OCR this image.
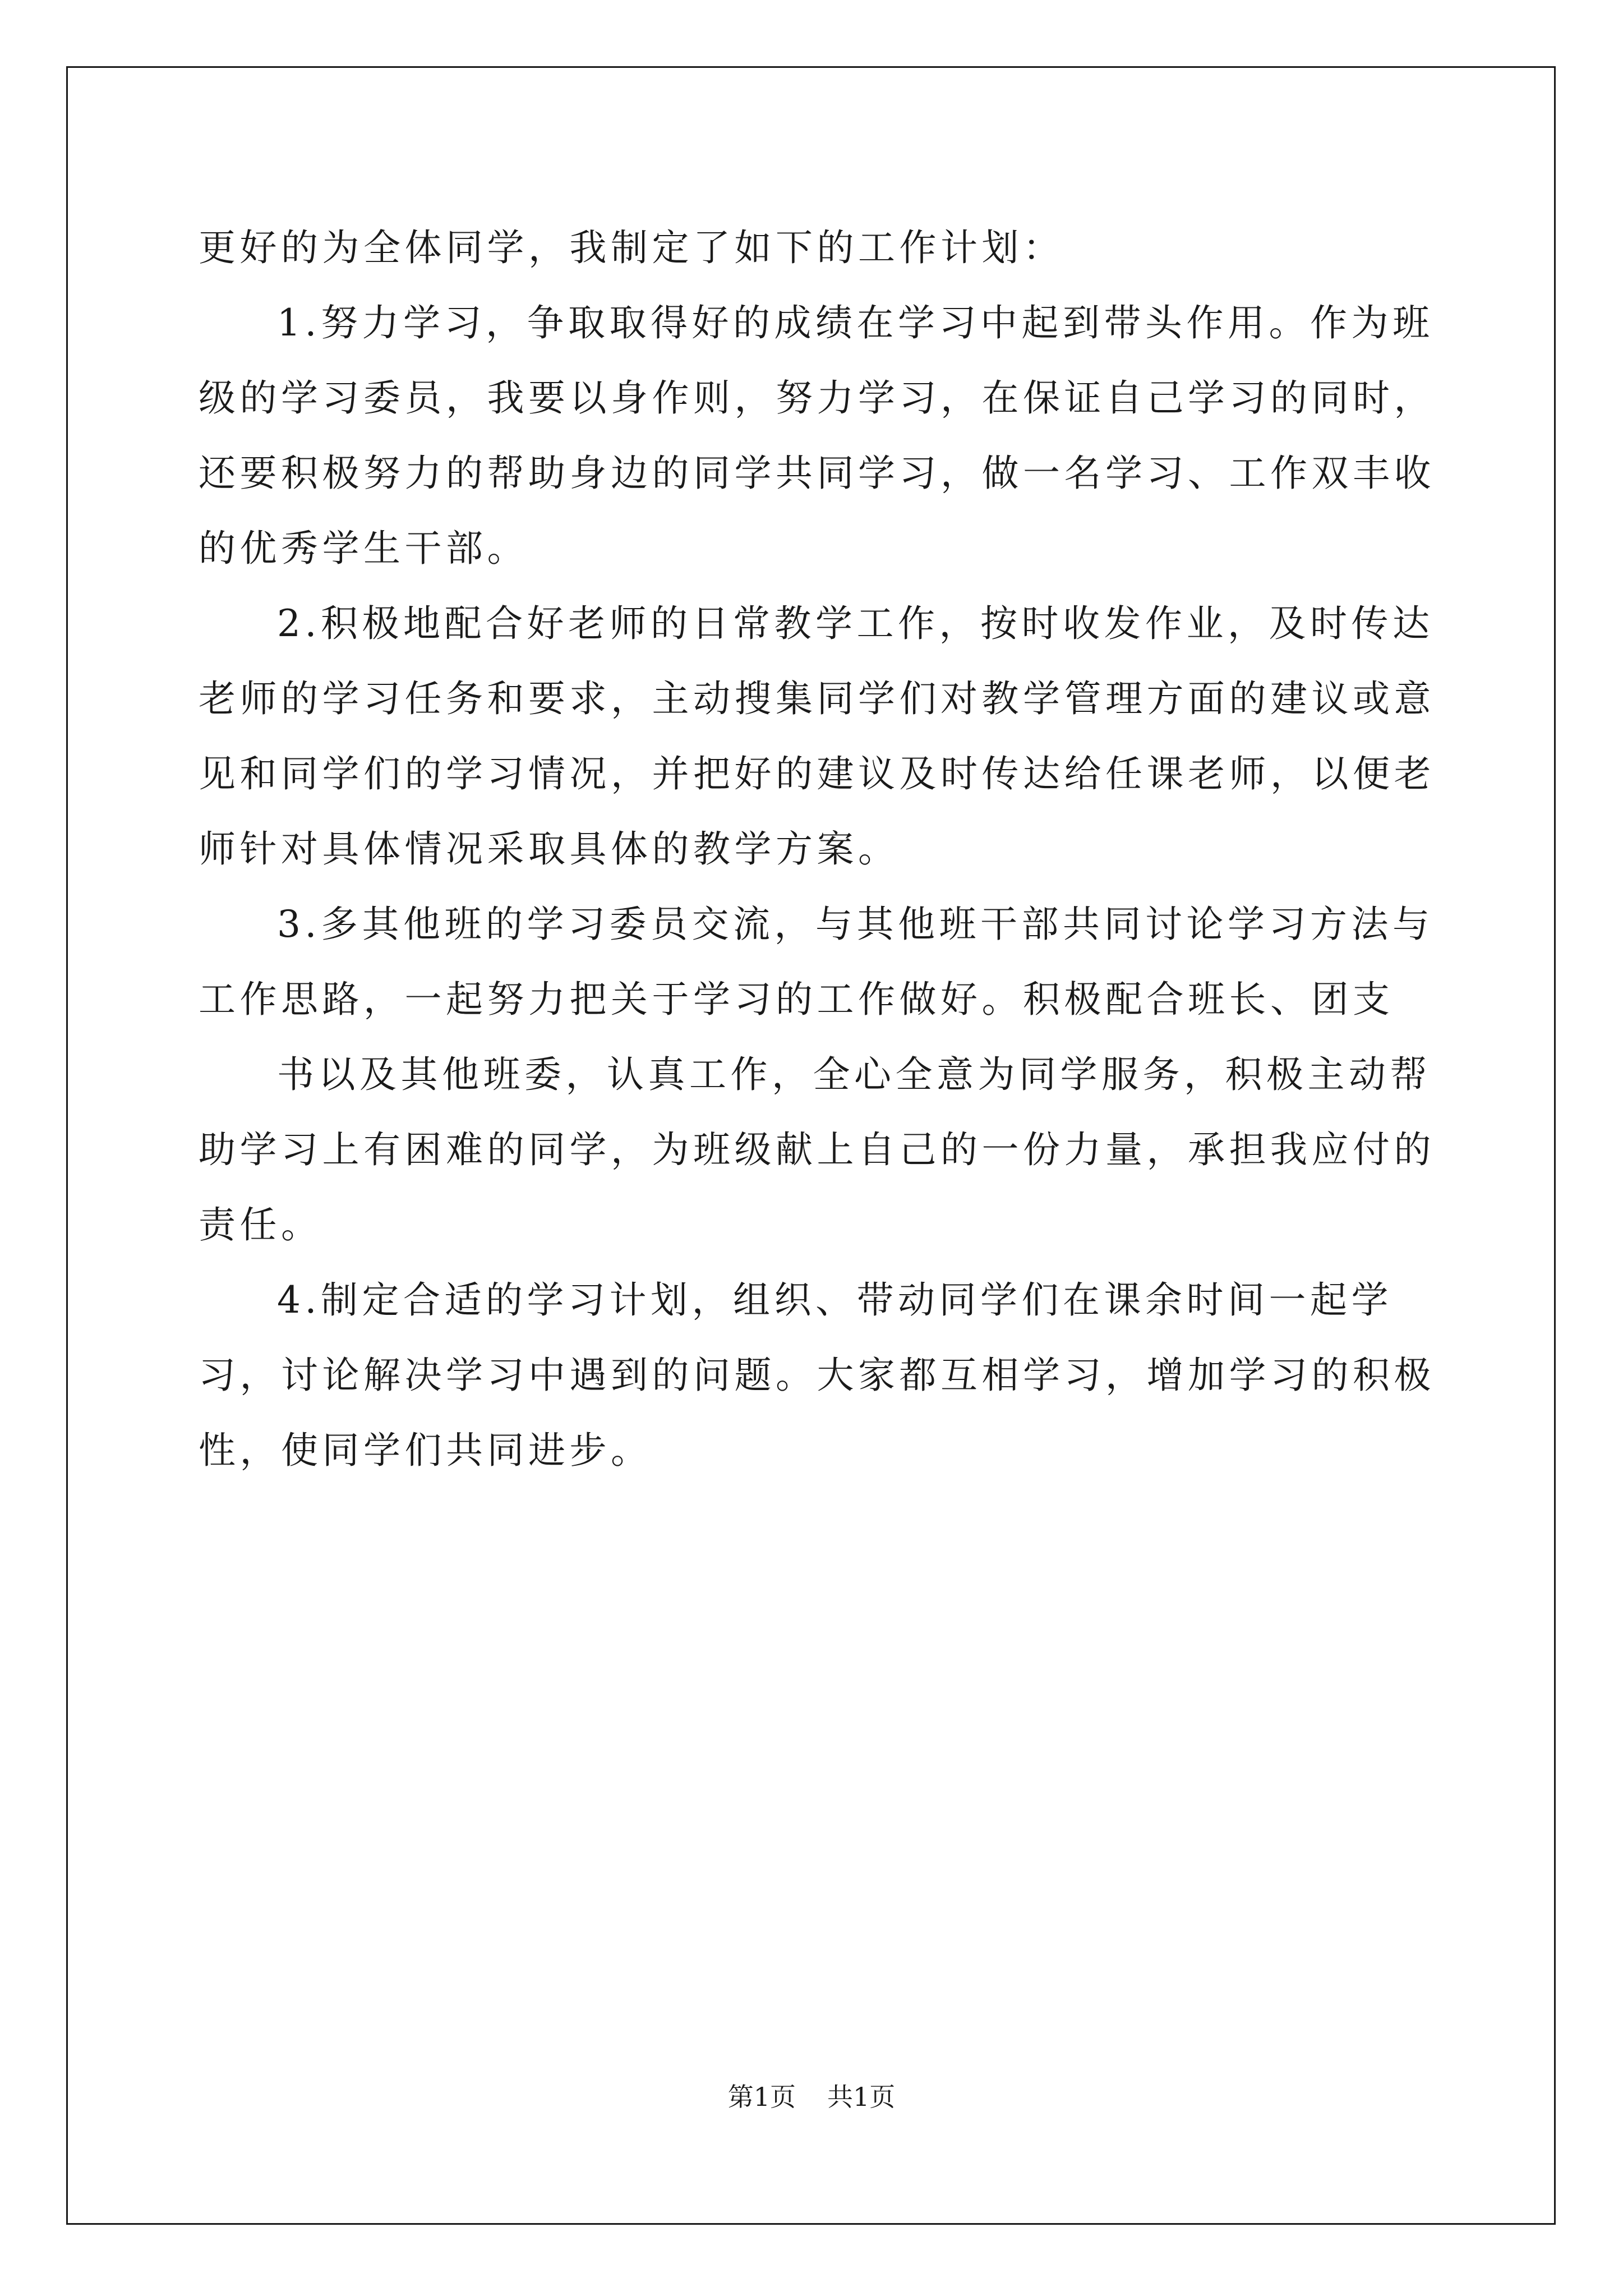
更好的为全体同学，我制定了如下的工作计划：

1.努力学习，争取取得好的成绩在学习中起到带头作用。作为班级的学习委员，我要以身作则，努力学习，在保证自己学习的同时，还要积极努力的帮助身边的同学共同学习，做一名学习、工作双丰收的优秀学生干部。

2.积极地配合好老师的日常教学工作，按时收发作业，及时传达老师的学习任务和要求，主动搜集同学们对教学管理方面的建议或意见和同学们的学习情况，并把好的建议及时传达给任课老师，以便老师针对具体情况采取具体的教学方案。

3.多其他班的学习委员交流，与其他班干部共同讨论学习方法与工作思路，一起努力把关于学习的工作做好。积极配合班长、团支

书以及其他班委，认真工作，全心全意为同学服务，积极主动帮助学习上有困难的同学，为班级献上自己的一份力量，承担我应付的责任。

4.制定合适的学习计划，组织、带动同学们在课余时间一起学习，讨论解决学习中遇到的问题。大家都互相学习，增加学习的积极性，使同学们共同进步。

第1页 共1页
